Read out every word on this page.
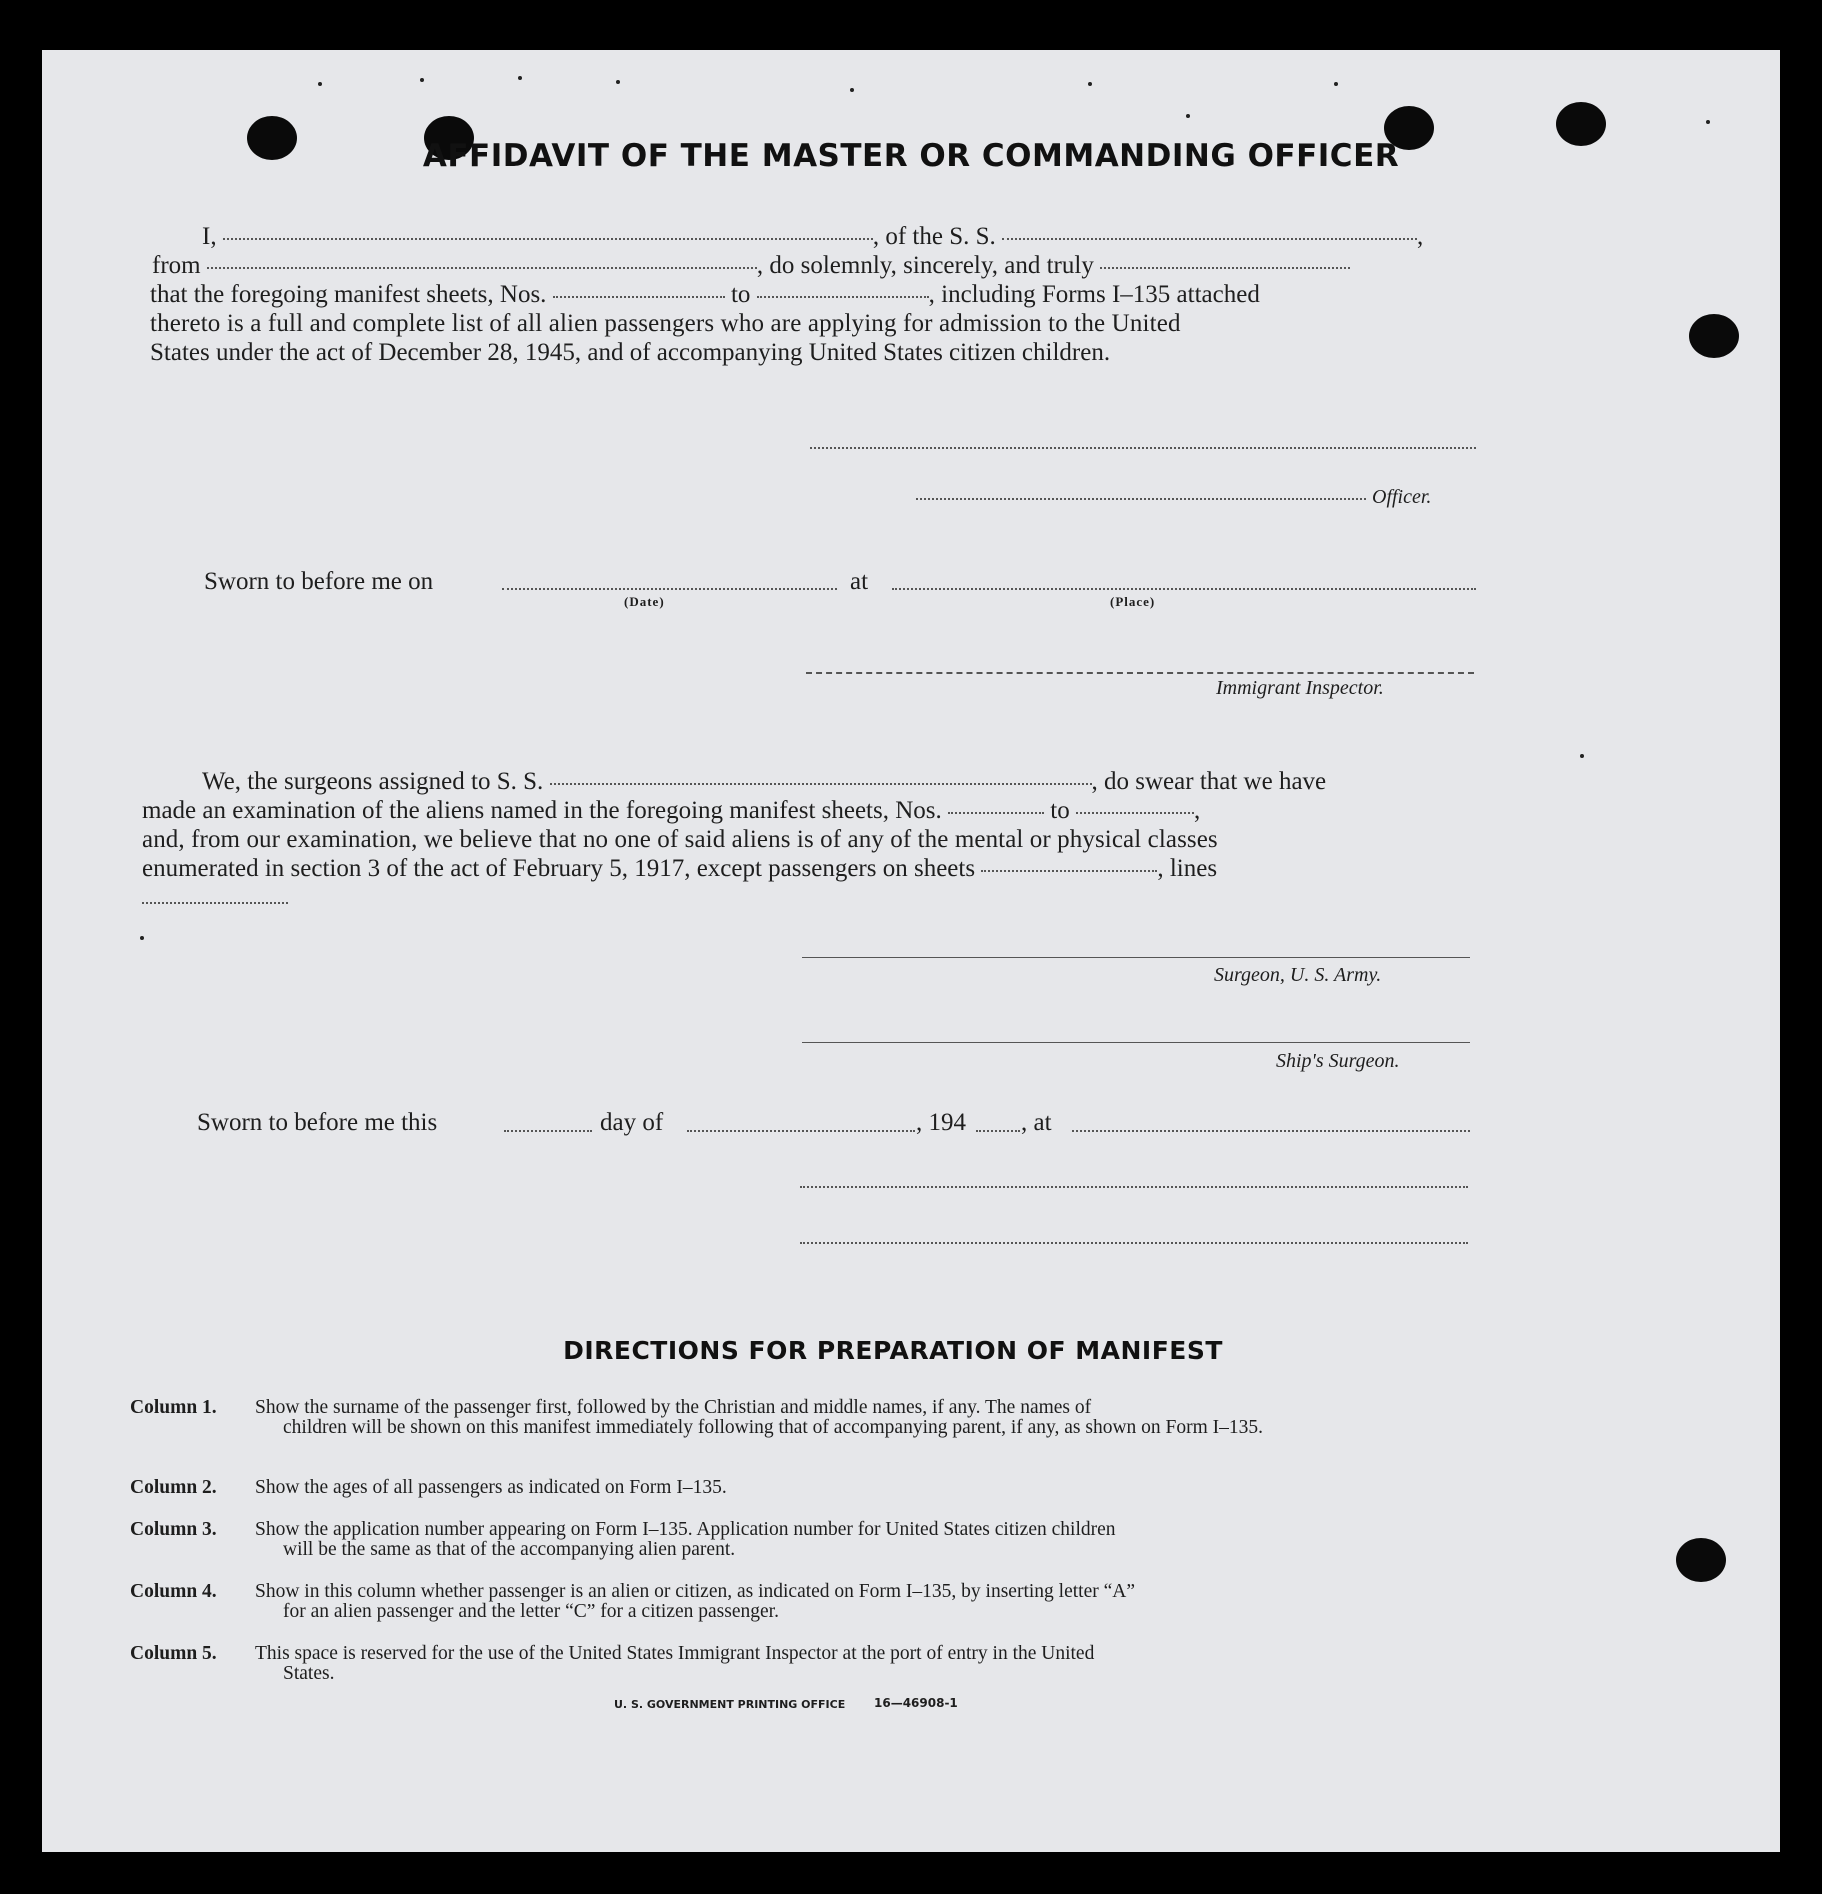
AFFIDAVIT OF THE MASTER OR COMMANDING OFFICER
I,	, of the S. S.	,
from	, do solemnly, sincerely, and truly
that the foregoing manifest sheets, Nos.	to	, including Forms I–135 attached
thereto is a full and complete list of all alien passengers who are applying for admission to the United
States under the act of December 28, 1945, and of accompanying United States citizen children.
Officer.
Sworn to before me on	at
(Date)	(Place)
Immigrant Inspector.
We, the surgeons assigned to S. S.	, do swear that we have
made an examination of the aliens named in the foregoing manifest sheets, Nos.	to	,
and, from our examination, we believe that no one of said aliens is of any of the mental or physical classes
enumerated in section 3 of the act of February 5, 1917, except passengers on sheets	, lines
Surgeon, U. S. Army.
Ship's Surgeon.
Sworn to before me this	day of	, 194 , at
DIRECTIONS FOR PREPARATION OF MANIFEST
Column 1. Show the surname of the passenger first, followed by the Christian and middle names, if any. The names of
children will be shown on this manifest immediately following that of accompanying parent, if any, as shown on Form I–135.
Column 2. Show the ages of all passengers as indicated on Form I–135.
Column 3. Show the application number appearing on Form I–135. Application number for United States citizen children
will be the same as that of the accompanying alien parent.
Column 4. Show in this column whether passenger is an alien or citizen, as indicated on Form I–135, by inserting letter “A”
for an alien passenger and the letter “C” for a citizen passenger.
Column 5. This space is reserved for the use of the United States Immigrant Inspector at the port of entry in the United
States.
U. S. GOVERNMENT PRINTING OFFICE 16—46908-1
